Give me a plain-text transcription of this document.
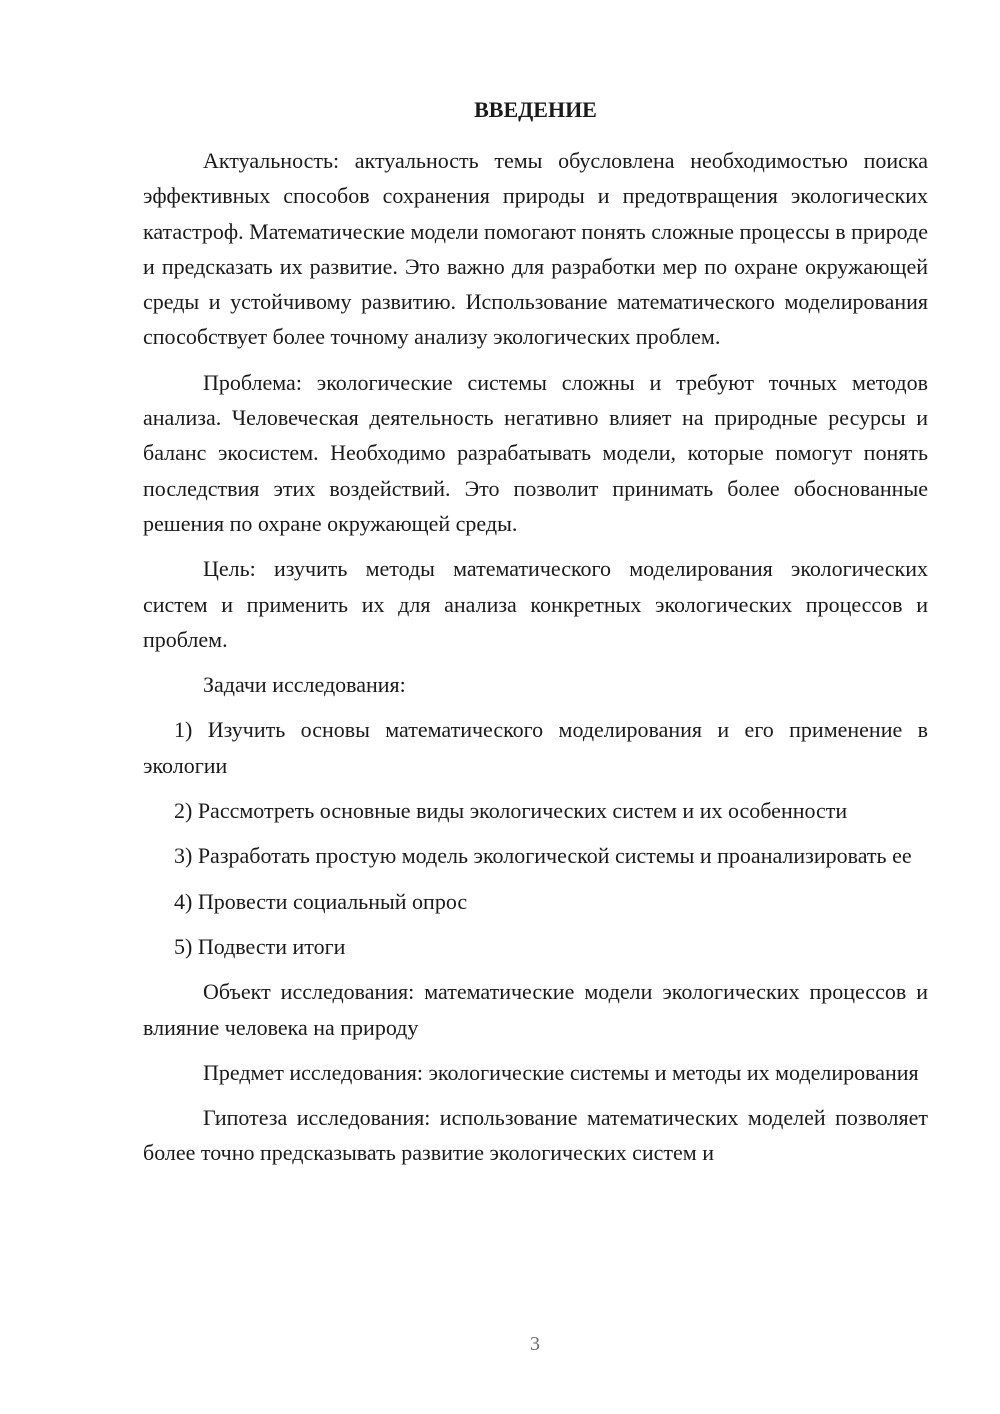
ВВЕДЕНИЕ

Актуальность: актуальность темы обусловлена необходимостью поиска эффективных способов сохранения природы и предотвращения экологических катастроф. Математические модели помогают понять сложные процессы в природе и предсказать их развитие. Это важно для разработки мер по охране окружающей среды и устойчивому развитию. Использование математического моделирования способствует более точному анализу экологических проблем.

Проблема: экологические системы сложны и требуют точных методов анализа. Человеческая деятельность негативно влияет на природные ресурсы и баланс экосистем. Необходимо разрабатывать модели, которые помогут понять последствия этих воздействий. Это позволит принимать более обоснованные решения по охране окружающей среды.

Цель: изучить методы математического моделирования экологических систем и применить их для анализа конкретных экологических процессов и проблем.

Задачи исследования:

1) Изучить основы математического моделирования и его применение в экологии

2) Рассмотреть основные виды экологических систем и их особенности

3) Разработать простую модель экологической системы и проанализировать ее

4) Провести социальный опрос

5) Подвести итоги

Объект исследования: математические модели экологических процессов и влияние человека на природу

Предмет исследования: экологические системы и методы их моделирования

Гипотеза исследования: использование математических моделей позволяет более точно предсказывать развитие экологических систем и

3
